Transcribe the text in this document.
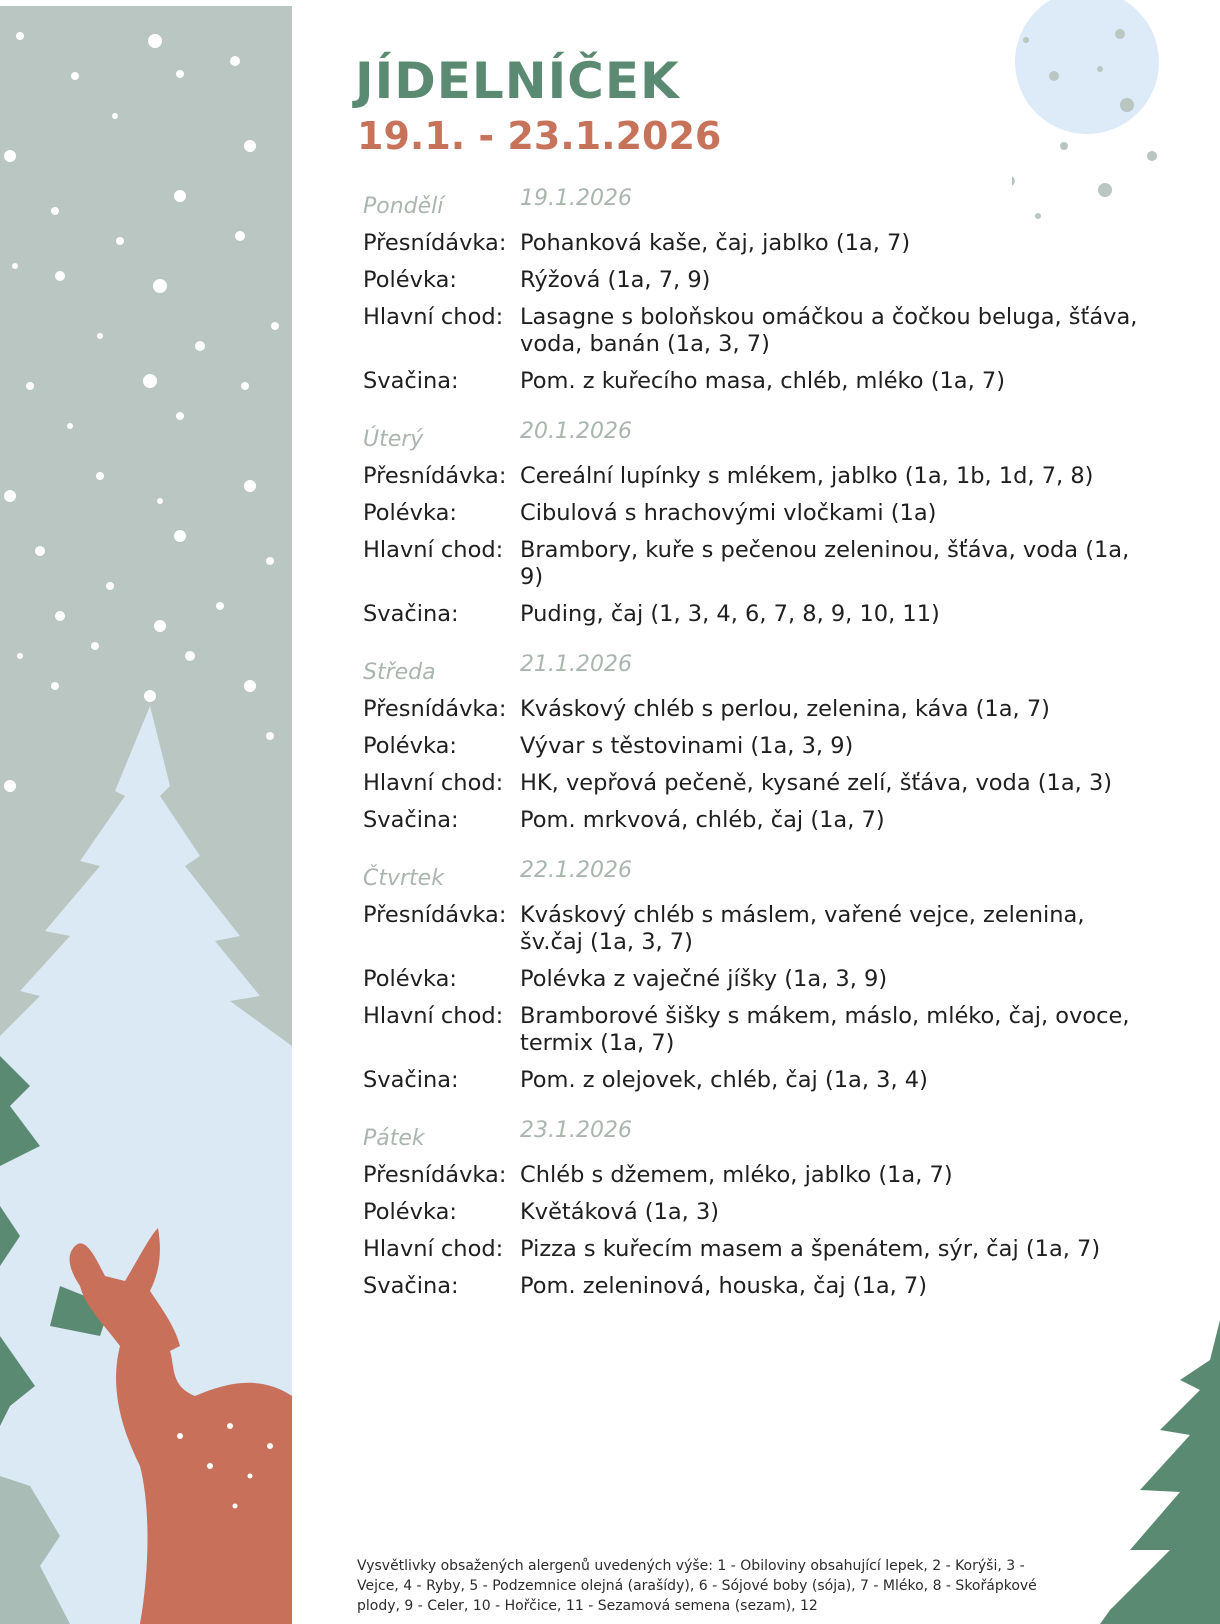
JÍDELNÍČEK
19.1. - 23.1.2026
Pondělí	19.1.2026
Přesnídávka: Pohanková kaše, čaj, jablko (1a, 7)
Polévka:	Rýžová (1a, 7, 9)
Hlavní chod: Lasagne s boloňskou omáčkou a čočkou beluga, šťáva, voda, banán (1a, 3, 7)
Svačina:	Pom. z kuřecího masa, chléb, mléko (1a, 7)
Úterý	20.1.2026
Přesnídávka: Cereální lupínky s mlékem, jablko (1a, 1b, 1d, 7, 8)
Polévka:	Cibulová s hrachovými vločkami (1a)
Hlavní chod: Brambory, kuře s pečenou zeleninou, šťáva, voda (1a, 9)
Svačina:	Puding, čaj (1, 3, 4, 6, 7, 8, 9, 10, 11)
Středa	21.1.2026
Přesnídávka: Kváskový chléb s perlou, zelenina, káva (1a, 7)
Polévka:	Vývar s těstovinami (1a, 3, 9)
Hlavní chod: HK, vepřová pečeně, kysané zelí, šťáva, voda (1a, 3)
Svačina:	Pom. mrkvová, chléb, čaj (1a, 7)
Čtvrtek	22.1.2026
Přesnídávka: Kváskový chléb s máslem, vařené vejce, zelenina, šv.čaj (1a, 3, 7)
Polévka:	Polévka z vaječné jíšky (1a, 3, 9)
Hlavní chod: Bramborové šišky s mákem, máslo, mléko, čaj, ovoce, termix (1a, 7)
Svačina:	Pom. z olejovek, chléb, čaj (1a, 3, 4)
Pátek	23.1.2026
Přesnídávka: Chléb s džemem, mléko, jablko (1a, 7)
Polévka:	Květáková (1a, 3)
Hlavní chod: Pizza s kuřecím masem a špenátem, sýr, čaj (1a, 7)
Svačina:	Pom. zeleninová, houska, čaj (1a, 7)
Vysvětlivky obsažených alergenů uvedených výše: 1 - Obiloviny obsahující lepek, 2 - Korýši, 3 - Vejce, 4 - Ryby, 5 - Podzemnice olejná (arašídy), 6 - Sójové boby (sója), 7 - Mléko, 8 - Skořápkové plody, 9 - Celer, 10 - Hořčice, 11 - Sezamová semena (sezam), 12
